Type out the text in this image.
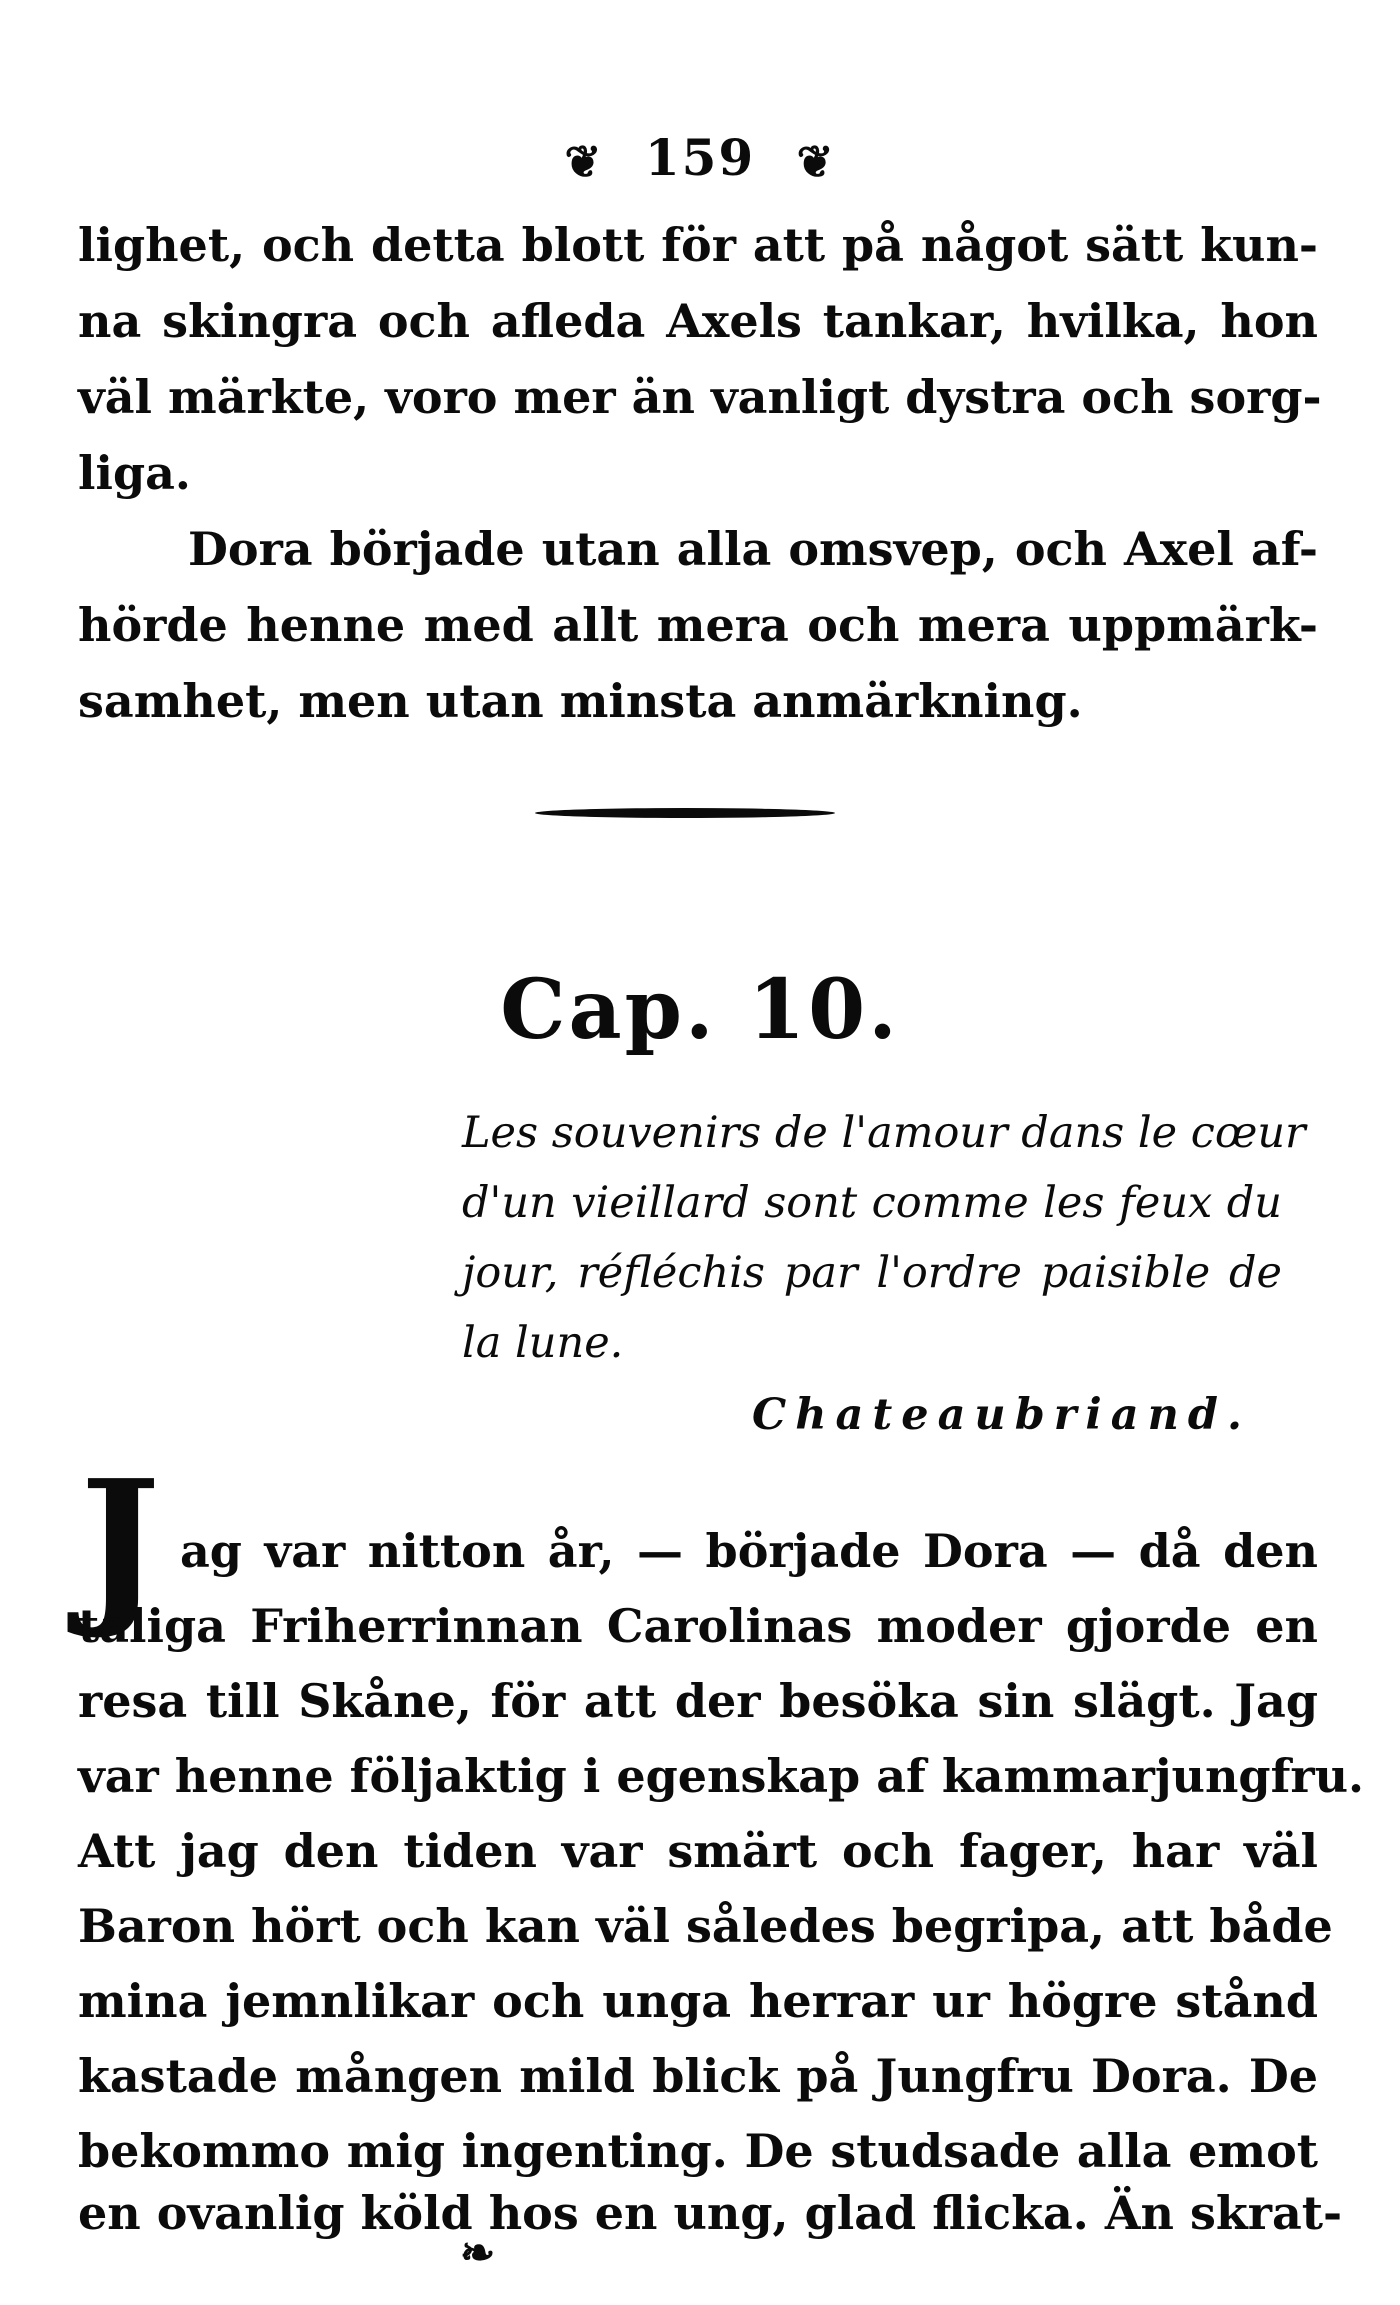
❦ 159 ❦
lighet, och detta blott för att på något sätt kun-
na skingra och afleda Axels tankar, hvilka, hon
väl märkte, voro mer än vanligt dystra och sorg-
liga.
Dora började utan alla omsvep, och Axel af-
hörde henne med allt mera och mera uppmärk-
samhet, men utan minsta anmärkning.
Cap. 10.
Les souvenirs de l'amour dans le cœur
d'un vieillard sont comme les feux du
jour, réfléchis par l'ordre paisible de
la lune.
Chateaubriand.
J ag var nitton år, — började Dora — då den
taliga Friherrinnan Carolinas moder gjorde en
resa till Skåne, för att der besöka sin slägt. Jag
var henne följaktig i egenskap af kammarjungfru.
Att jag den tiden var smärt och fager, har väl
Baron hört och kan väl således begripa, att både
mina jemnlikar och unga herrar ur högre stånd
kastade mången mild blick på Jungfru Dora. De
bekommo mig ingenting. De studsade alla emot
en ovanlig köld hos en ung, glad flicka. Än skrat-
❧
